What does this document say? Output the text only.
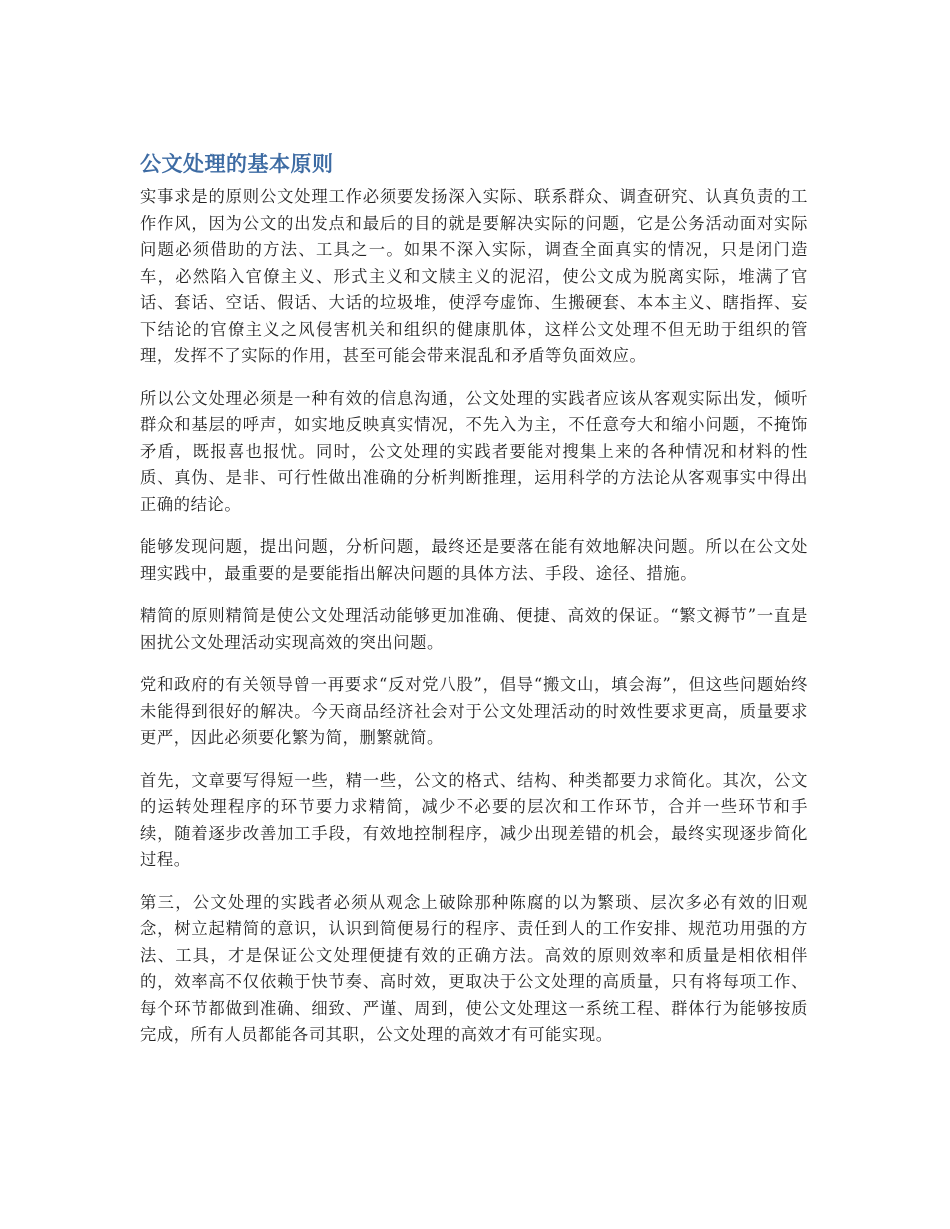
公文处理的基本原则

实事求是的原则公文处理工作必须要发扬深入实际、联系群众、调查研究、认真负责的工作作风，因为公文的出发点和最后的目的就是要解决实际的问题，它是公务活动面对实际问题必须借助的方法、工具之一。如果不深入实际，调查全面真实的情况，只是闭门造车，必然陷入官僚主义、形式主义和文牍主义的泥沼，使公文成为脱离实际，堆满了官话、套话、空话、假话、大话的垃圾堆，使浮夸虚饰、生搬硬套、本本主义、瞎指挥、妄下结论的官僚主义之风侵害机关和组织的健康肌体，这样公文处理不但无助于组织的管理，发挥不了实际的作用，甚至可能会带来混乱和矛盾等负面效应。

所以公文处理必须是一种有效的信息沟通，公文处理的实践者应该从客观实际出发，倾听群众和基层的呼声，如实地反映真实情况，不先入为主，不任意夸大和缩小问题，不掩饰矛盾，既报喜也报忧。同时，公文处理的实践者要能对搜集上来的各种情况和材料的性质、真伪、是非、可行性做出准确的分析判断推理，运用科学的方法论从客观事实中得出正确的结论。

能够发现问题，提出问题，分析问题，最终还是要落在能有效地解决问题。所以在公文处理实践中，最重要的是要能指出解决问题的具体方法、手段、途径、措施。

精简的原则精简是使公文处理活动能够更加准确、便捷、高效的保证。“繁文褥节”一直是困扰公文处理活动实现高效的突出问题。

党和政府的有关领导曾一再要求“反对党八股”，倡导“搬文山，填会海”，但这些问题始终未能得到很好的解决。今天商品经济社会对于公文处理活动的时效性要求更高，质量要求更严，因此必须要化繁为简，删繁就简。

首先，文章要写得短一些，精一些，公文的格式、结构、种类都要力求简化。其次，公文的运转处理程序的环节要力求精简，减少不必要的层次和工作环节，合并一些环节和手续，随着逐步改善加工手段，有效地控制程序，减少出现差错的机会，最终实现逐步简化过程。

第三，公文处理的实践者必须从观念上破除那种陈腐的以为繁琐、层次多必有效的旧观念，树立起精简的意识，认识到简便易行的程序、责任到人的工作安排、规范功用强的方法、工具，才是保证公文处理便捷有效的正确方法。高效的原则效率和质量是相依相伴的，效率高不仅依赖于快节奏、高时效，更取决于公文处理的高质量，只有将每项工作、每个环节都做到准确、细致、严谨、周到，使公文处理这一系统工程、群体行为能够按质完成，所有人员都能各司其职，公文处理的高效才有可能实现。
